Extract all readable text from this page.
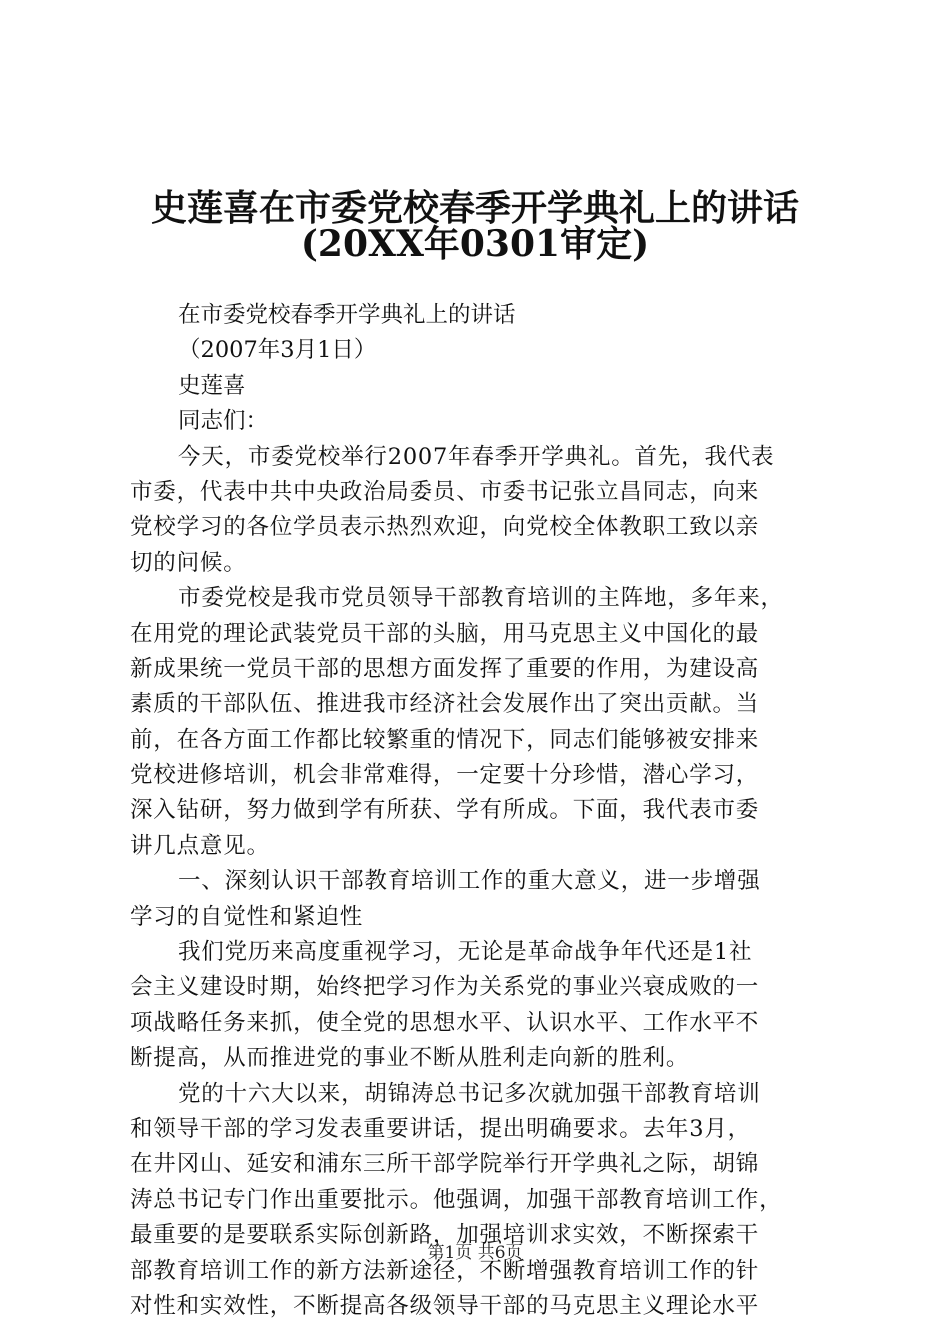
史莲喜在市委党校春季开学典礼上的讲话
(20XX年0301审定)
在市委党校春季开学典礼上的讲话
（2007年3月1日）
史莲喜
同志们：
今天，市委党校举行2007年春季开学典礼。首先，我代表
市委，代表中共中央政治局委员、市委书记张立昌同志，向来
党校学习的各位学员表示热烈欢迎，向党校全体教职工致以亲
切的问候。
市委党校是我市党员领导干部教育培训的主阵地，多年来，
在用党的理论武装党员干部的头脑，用马克思主义中国化的最
新成果统一党员干部的思想方面发挥了重要的作用，为建设高
素质的干部队伍、推进我市经济社会发展作出了突出贡献。当
前，在各方面工作都比较繁重的情况下，同志们能够被安排来
党校进修培训，机会非常难得，一定要十分珍惜，潜心学习，
深入钻研，努力做到学有所获、学有所成。下面，我代表市委
讲几点意见。
一、深刻认识干部教育培训工作的重大意义，进一步增强
学习的自觉性和紧迫性
我们党历来高度重视学习，无论是革命战争年代还是1社
会主义建设时期，始终把学习作为关系党的事业兴衰成败的一
项战略任务来抓，使全党的思想水平、认识水平、工作水平不
断提高，从而推进党的事业不断从胜利走向新的胜利。
党的十六大以来，胡锦涛总书记多次就加强干部教育培训
和领导干部的学习发表重要讲话，提出明确要求。去年3月，
在井冈山、延安和浦东三所干部学院举行开学典礼之际，胡锦
涛总书记专门作出重要批示。他强调，加强干部教育培训工作，
最重要的是要联系实际创新路，加强培训求实效，不断探索干
部教育培训工作的新方法新途径，不断增强教育培训工作的针
对性和实效性，不断提高各级领导干部的马克思主义理论水平
第1页 共6页
